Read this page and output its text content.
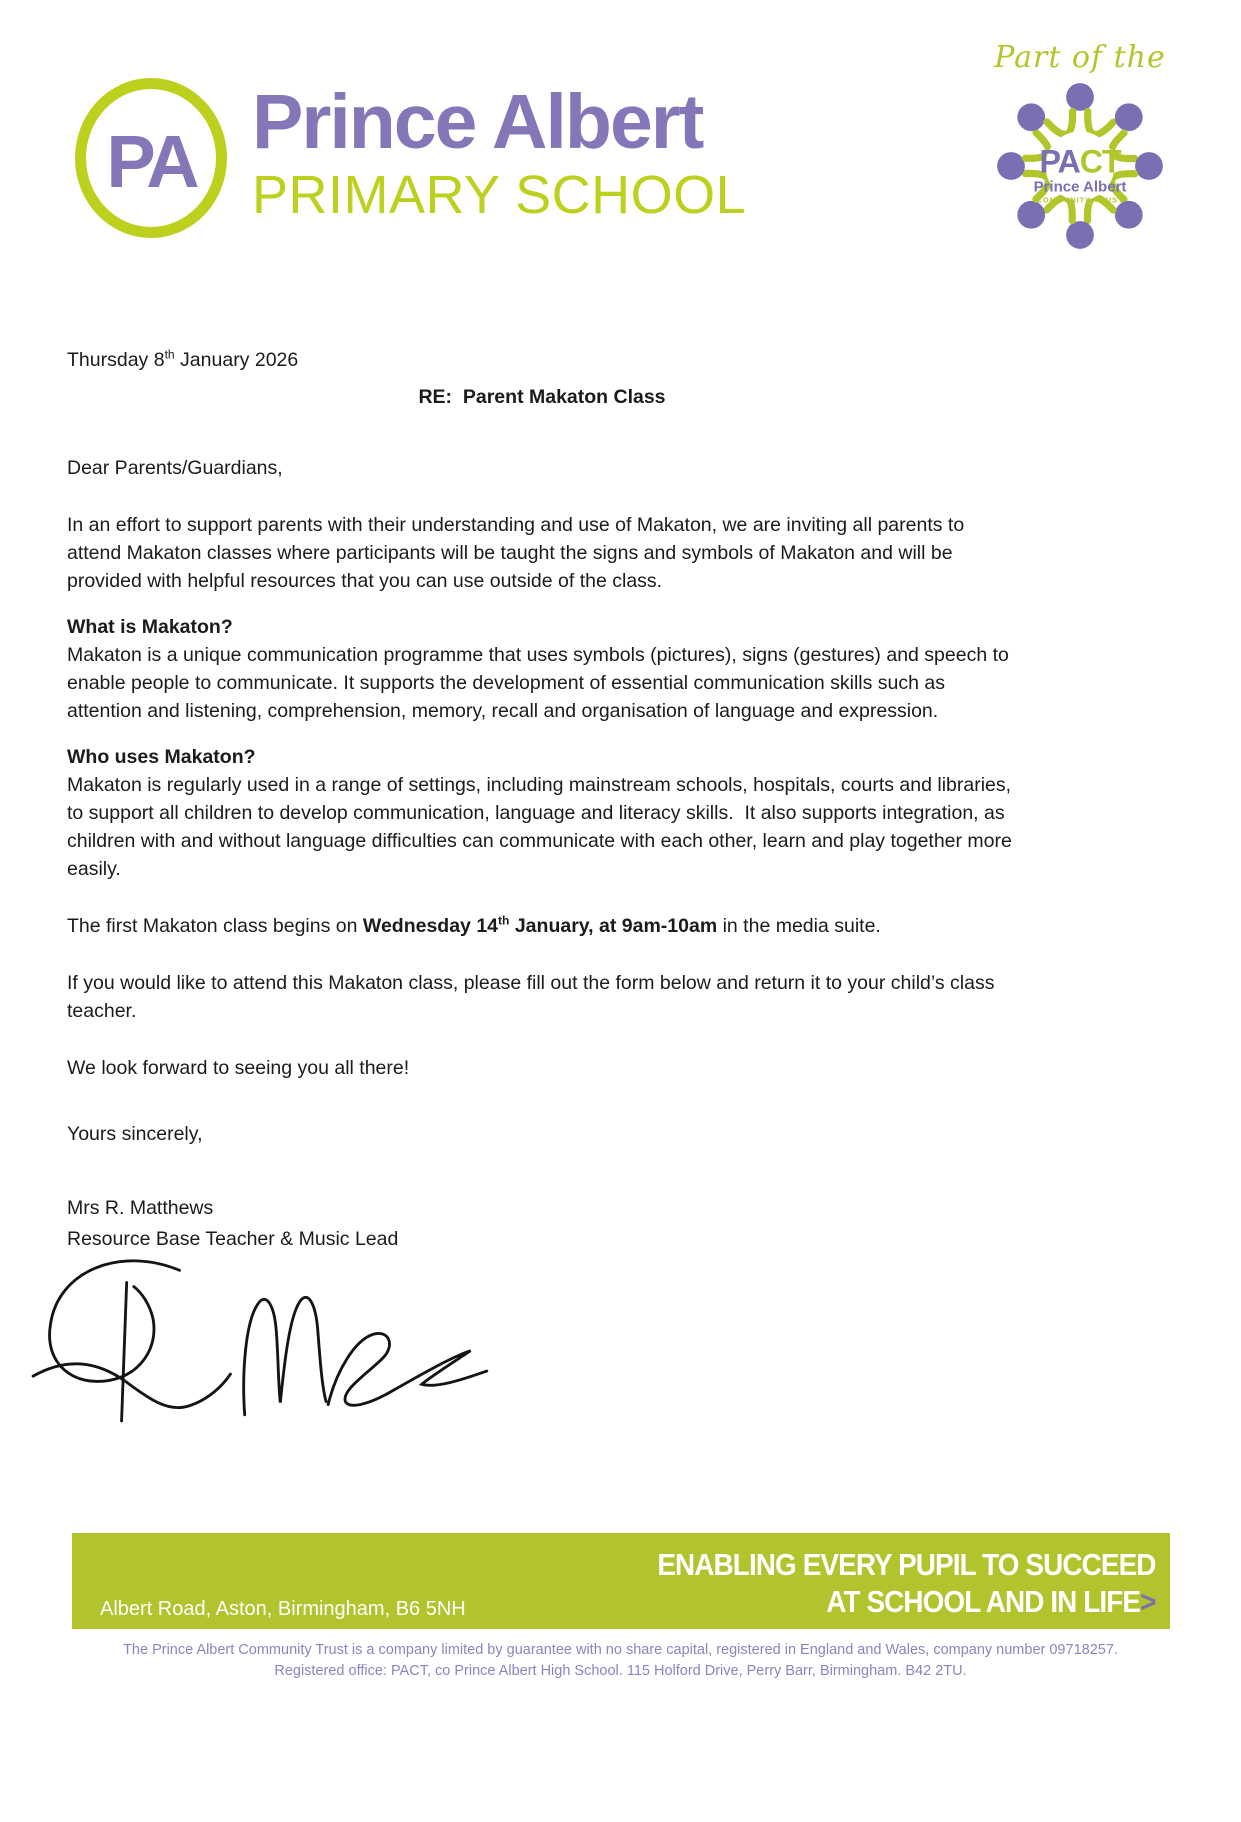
PA Prince Albert
PRIMARY SCHOOL
Part of the
PACT
Prince Albert
COMMUNITY TRUST
Thursday 8th January 2026
RE:  Parent Makaton Class
Dear Parents/Guardians,
In an effort to support parents with their understanding and use of Makaton, we are inviting all parents to attend Makaton classes where participants will be taught the signs and symbols of Makaton and will be provided with helpful resources that you can use outside of the class.
What is Makaton?
Makaton is a unique communication programme that uses symbols (pictures), signs (gestures) and speech to enable people to communicate. It supports the development of essential communication skills such as attention and listening, comprehension, memory, recall and organisation of language and expression.
Who uses Makaton?
Makaton is regularly used in a range of settings, including mainstream schools, hospitals, courts and libraries, to support all children to develop communication, language and literacy skills.  It also supports integration, as children with and without language difficulties can communicate with each other, learn and play together more easily.
The first Makaton class begins on Wednesday 14th January, at 9am-10am in the media suite.
If you would like to attend this Makaton class, please fill out the form below and return it to your child’s class teacher.
We look forward to seeing you all there!
Yours sincerely,
Mrs R. Matthews
Resource Base Teacher & Music Lead

Albert Road, Aston, Birmingham, B6 5NH

T 0121 327 0594

W www.princealbert.bham.sch.uk E enquiry@princealbert.bham.sch.uk

ENABLING EVERY PUPIL TO SUCCEED
AT SCHOOL AND IN LIFE>
The Prince Albert Community Trust is a company limited by guarantee with no share capital, registered in England and Wales, company number 09718257.
Registered office: PACT, co Prince Albert High School. 115 Holford Drive, Perry Barr, Birmingham. B42 2TU.
